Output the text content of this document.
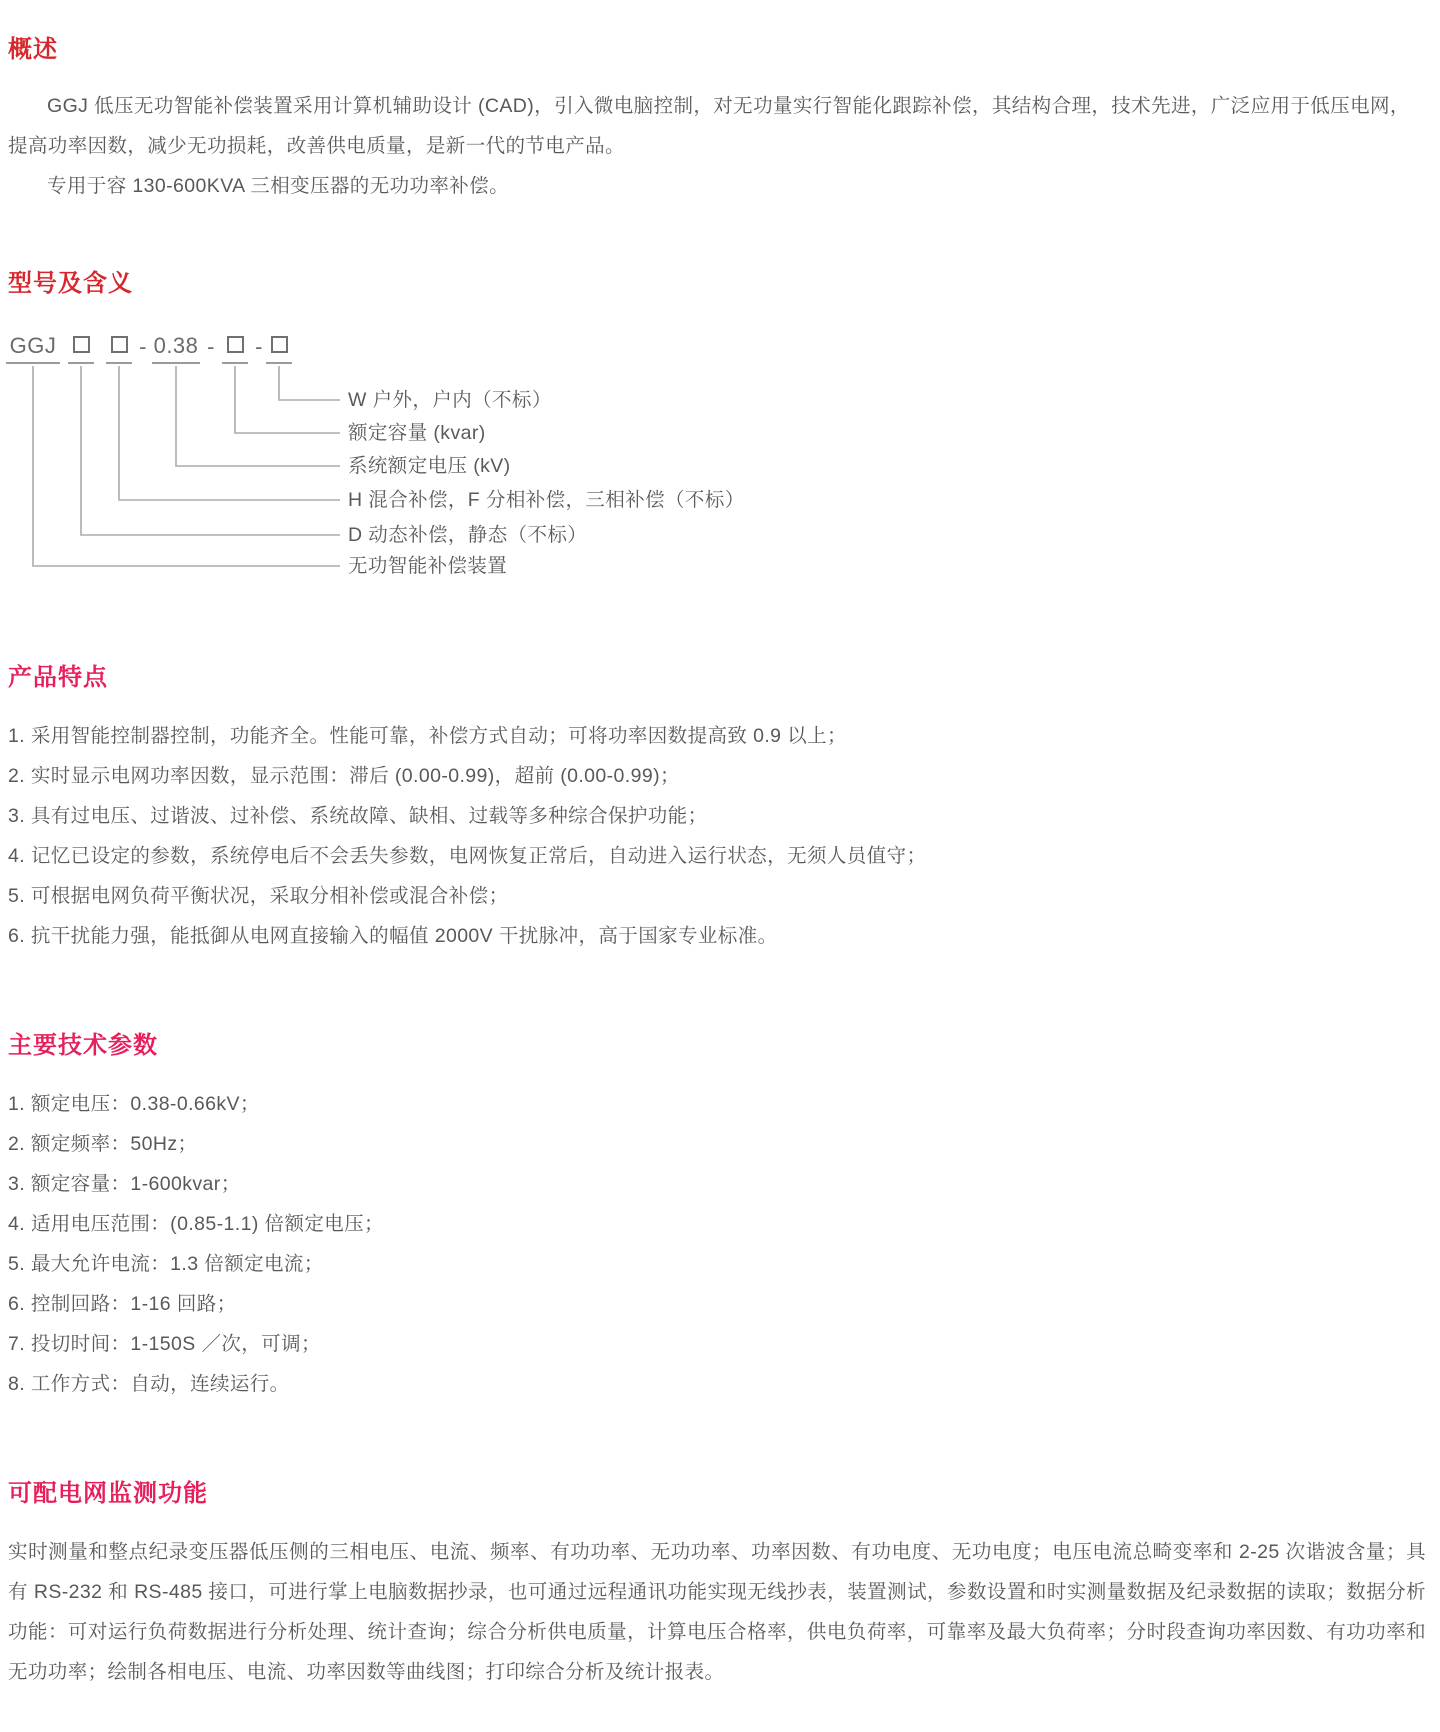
概述

GGJ 低压无功智能补偿装置采用计算机辅助设计 (CAD)，引入微电脑控制，对无功量实行智能化跟踪补偿，其结构合理，技术先进，广泛应用于低压电网，提高功率因数，减少无功损耗，改善供电质量，是新一代的节电产品。

专用于容 130-600KVA 三相变压器的无功功率补偿。

型号及含义
GGJ	- 0.38 - -
W 户外，户内（不标）
额定容量 (kvar)
系统额定电压 (kV)
H 混合补偿，F 分相补偿，三相补偿（不标）
D 动态补偿，静态（不标）
无功智能补偿装置
产品特点
1. 采用智能控制器控制，功能齐全。性能可靠，补偿方式自动；可将功率因数提高致 0.9 以上；
2. 实时显示电网功率因数，显示范围：滞后 (0.00-0.99)，超前 (0.00-0.99)；
3. 具有过电压、过谐波、过补偿、系统故障、缺相、过载等多种综合保护功能；
4. 记忆已设定的参数，系统停电后不会丢失参数，电网恢复正常后，自动进入运行状态，无须人员值守；
5. 可根据电网负荷平衡状况，采取分相补偿或混合补偿；
6. 抗干扰能力强，能抵御从电网直接输入的幅值 2000V 干扰脉冲，高于国家专业标准。
主要技术参数
1. 额定电压：0.38-0.66kV；
2. 额定频率：50Hz；
3. 额定容量：1-600kvar；
4. 适用电压范围：(0.85-1.1) 倍额定电压；
5. 最大允许电流：1.3 倍额定电流；
6. 控制回路：1-16 回路；
7. 投切时间：1-150S ／次，可调；
8. 工作方式：自动，连续运行。
可配电网监测功能

实时测量和整点纪录变压器低压侧的三相电压、电流、频率、有功功率、无功功率、功率因数、有功电度、无功电度；电压电流总畸变率和 2-25 次谐波含量；具有 RS-232 和 RS-485 接口，可进行掌上电脑数据抄录，也可通过远程通讯功能实现无线抄表，装置测试，参数设置和时实测量数据及纪录数据的读取；数据分析功能：可对运行负荷数据进行分析处理、统计查询；综合分析供电质量，计算电压合格率，供电负荷率，可靠率及最大负荷率；分时段查询功率因数、有功功率和无功功率；绘制各相电压、电流、功率因数等曲线图；打印综合分析及统计报表。
